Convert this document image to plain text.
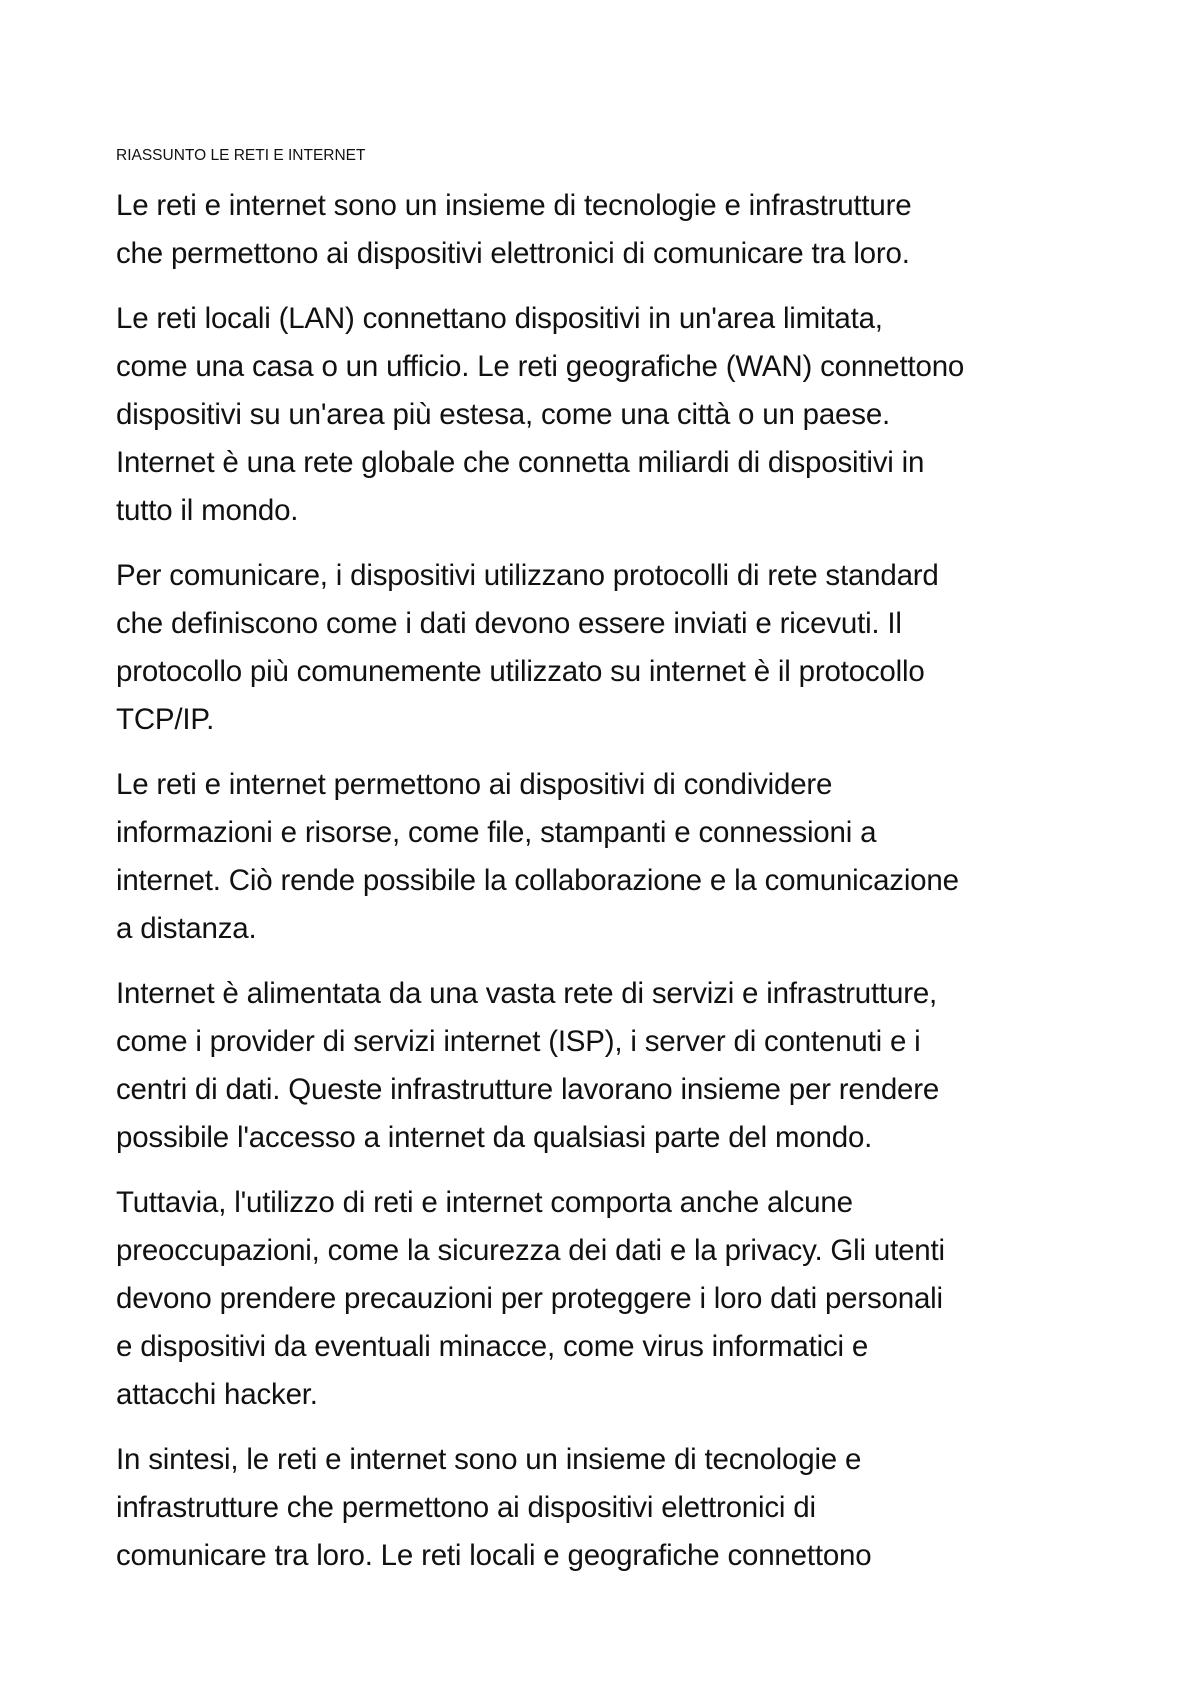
RIASSUNTO LE RETI E INTERNET

Le reti e internet sono un insieme di tecnologie e infrastrutture
che permettono ai dispositivi elettronici di comunicare tra loro.

Le reti locali (LAN) connettano dispositivi in un'area limitata,
come una casa o un ufficio. Le reti geografiche (WAN) connettono
dispositivi su un'area più estesa, come una città o un paese.
Internet è una rete globale che connetta miliardi di dispositivi in
tutto il mondo.

Per comunicare, i dispositivi utilizzano protocolli di rete standard
che definiscono come i dati devono essere inviati e ricevuti. Il
protocollo più comunemente utilizzato su internet è il protocollo
TCP/IP.

Le reti e internet permettono ai dispositivi di condividere
informazioni e risorse, come file, stampanti e connessioni a
internet. Ciò rende possibile la collaborazione e la comunicazione
a distanza.

Internet è alimentata da una vasta rete di servizi e infrastrutture,
come i provider di servizi internet (ISP), i server di contenuti e i
centri di dati. Queste infrastrutture lavorano insieme per rendere
possibile l'accesso a internet da qualsiasi parte del mondo.

Tuttavia, l'utilizzo di reti e internet comporta anche alcune
preoccupazioni, come la sicurezza dei dati e la privacy. Gli utenti
devono prendere precauzioni per proteggere i loro dati personali
e dispositivi da eventuali minacce, come virus informatici e
attacchi hacker.

In sintesi, le reti e internet sono un insieme di tecnologie e
infrastrutture che permettono ai dispositivi elettronici di
comunicare tra loro. Le reti locali e geografiche connettono
